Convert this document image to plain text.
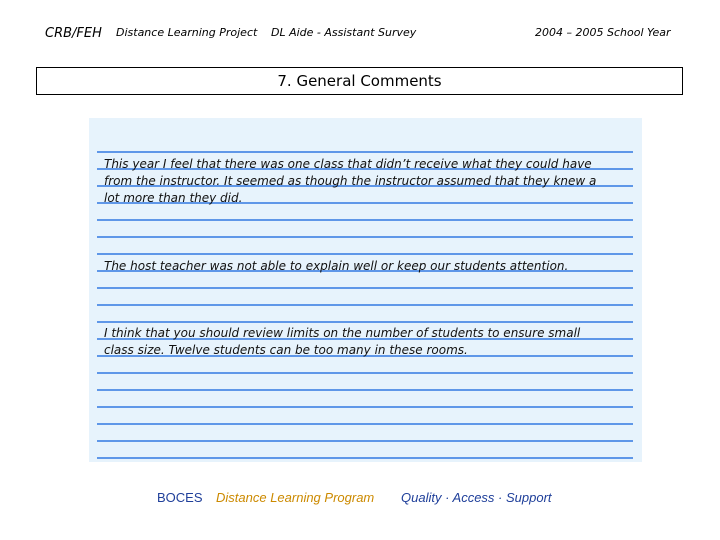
CRB/FEH Distance Learning Project DL Aide - Assistant Survey	2004 – 2005 School Year
7. General Comments
This year I feel that there was one class that didn’t receive what they could have
from the instructor. It seemed as though the instructor assumed that they knew a
lot more than they did.
The host teacher was not able to explain well or keep our students attention.
I think that you should review limits on the number of students to ensure small
class size. Twelve students can be too many in these rooms.
BOCES Distance Learning Program Quality · Access · Support
